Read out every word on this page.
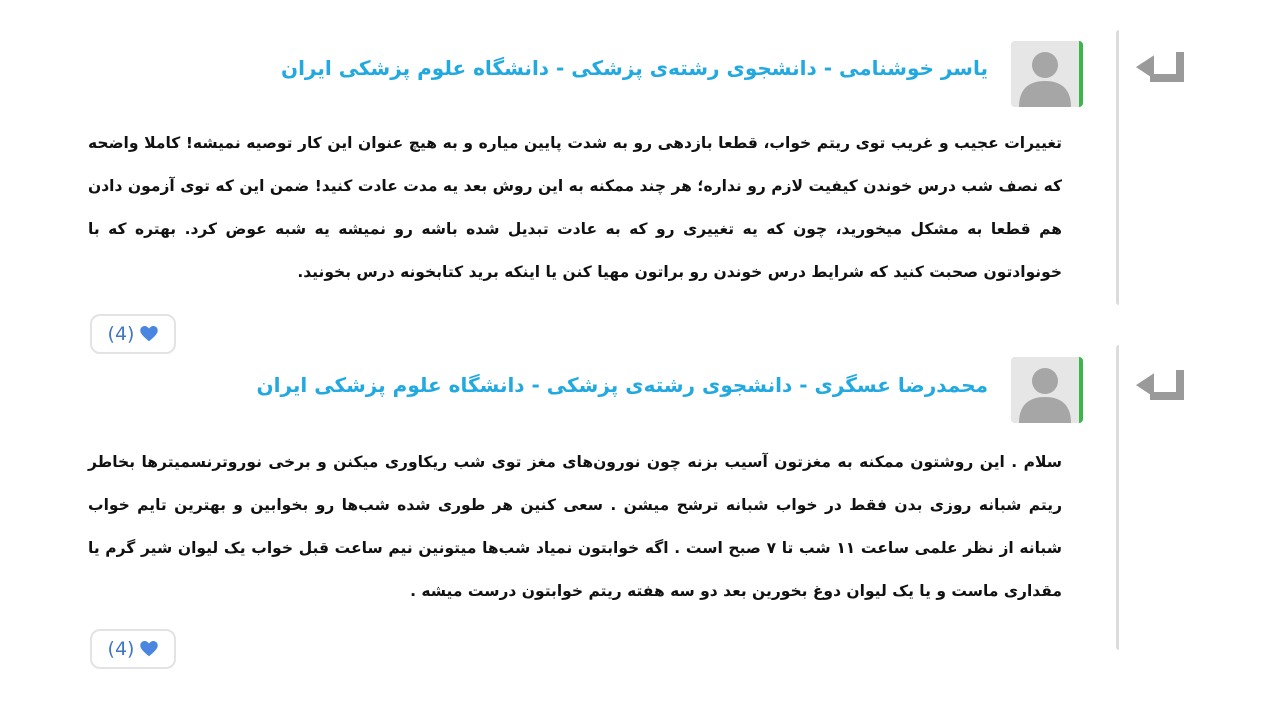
یاسر خوشنامی - دانشجوی رشته‌ی پزشکی - دانشگاه علوم پزشکی ایران
تغییرات عجیب و غریب توی ریتم خواب، قطعا بازدهی رو به شدت پایین میاره و به هیچ عنوان این کار توصیه نمیشه! کاملا واضحه که نصف شب درس خوندن کیفیت لازم رو نداره؛ هر چند ممکنه به این روش بعد یه مدت عادت کنید! ضمن این که توی آزمون دادن هم قطعا به مشکل میخورید، چون که یه تغییری رو که به عادت تبدیل شده باشه رو نمیشه یه شبه عوض کرد. بهتره که با خونوادتون صحبت کنید که شرایط درس خوندن رو براتون مهیا کنن یا اینکه برید کتابخونه درس بخونید.
(4)
محمدرضا عسگری - دانشجوی رشته‌ی پزشکی - دانشگاه علوم پزشکی ایران
سلام . این روشتون ممکنه به مغزتون آسیب بزنه چون نورون‌های مغز توی شب ریکاوری میکنن و برخی نوروترنسمیترها بخاطر ریتم شبانه روزی بدن فقط در خواب شبانه ترشح میشن . سعی کنین هر طوری شده شب‌ها رو بخوابین و بهترین تایم خواب شبانه از نظر علمی ساعت ۱۱ شب تا ۷ صبح است . اگه خوابتون نمیاد شب‌ها میتونین نیم ساعت قبل خواب یک لیوان شیر گرم یا مقداری ماست و یا یک لیوان دوغ بخورین بعد دو سه هفته ریتم خوابتون درست میشه .
(4)
